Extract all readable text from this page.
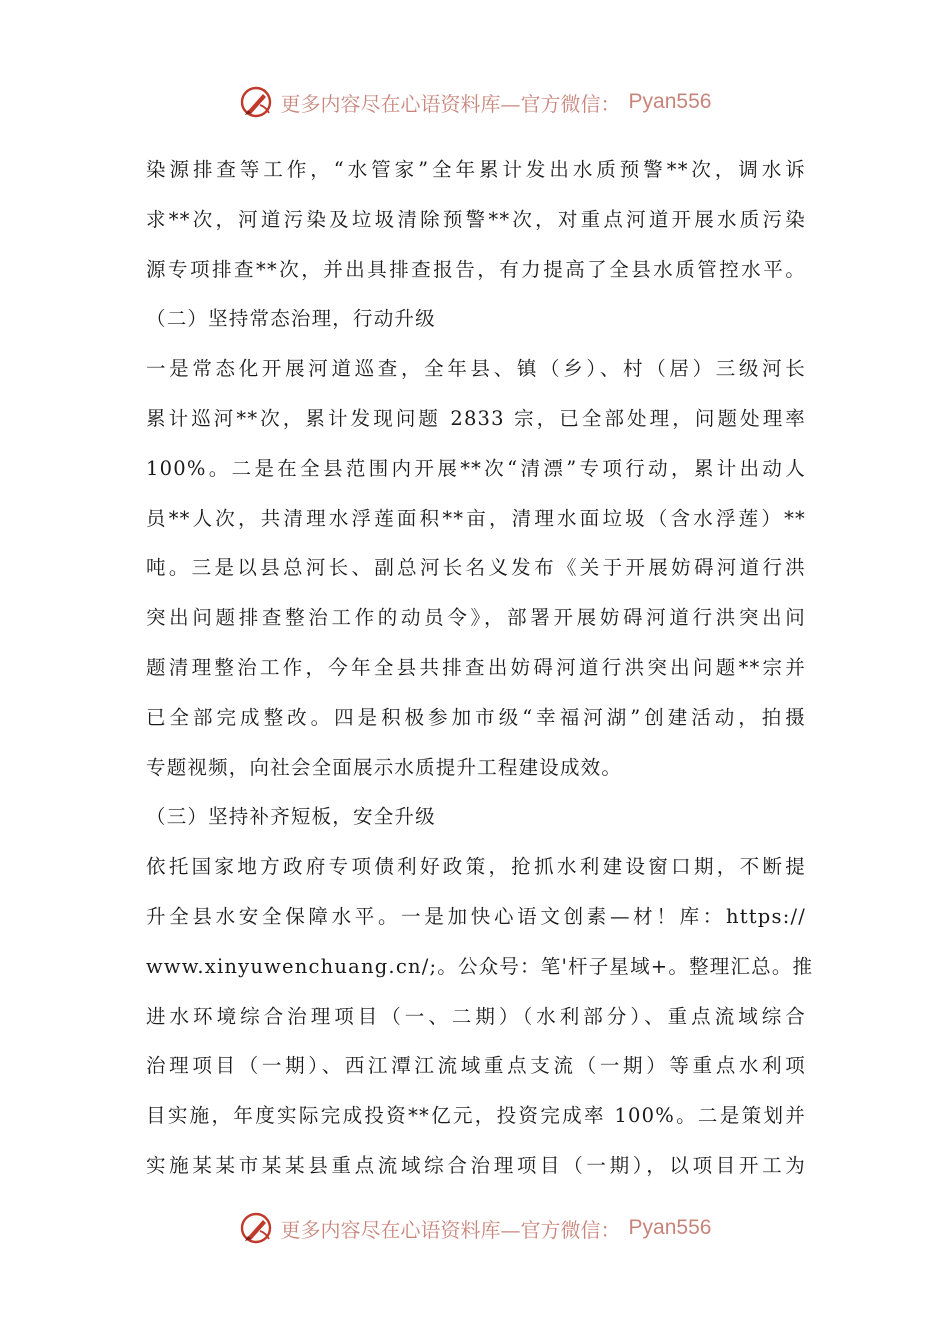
更多内容尽在心语资料库—官方微信： Pyan556
染源排查等工作，“水管家”全年累计发出水质预警**次，调水诉
求**次，河道污染及垃圾清除预警**次，对重点河道开展水质污染
源专项排查**次，并出具排查报告，有力提高了全县水质管控水平。
（二）坚持常态治理，行动升级
一是常态化开展河道巡查，全年县、镇（乡）、村（居）三级河长
累计巡河**次，累计发现问题 2833 宗，已全部处理，问题处理率
100%。二是在全县范围内开展**次“清漂”专项行动，累计出动人
员**人次，共清理水浮莲面积**亩，清理水面垃圾（含水浮莲）**
吨。三是以县总河长、副总河长名义发布《关于开展妨碍河道行洪
突出问题排查整治工作的动员令》，部署开展妨碍河道行洪突出问
题清理整治工作，今年全县共排查出妨碍河道行洪突出问题**宗并
已全部完成整改。四是积极参加市级“幸福河湖”创建活动，拍摄
专题视频，向社会全面展示水质提升工程建设成效。
（三）坚持补齐短板，安全升级
依托国家地方政府专项债利好政策，抢抓水利建设窗口期，不断提
升全县水安全保障水平。一是加快心语文创素—材！库：https://
www.xinyuwenchuang.cn/;。公众号：笔'杆子星域+。整理汇总。推
进水环境综合治理项目（一、二期）（水利部分）、重点流域综合
治理项目（一期）、西江潭江流域重点支流（一期）等重点水利项
目实施，年度实际完成投资**亿元，投资完成率 100%。二是策划并
实施某某市某某县重点流域综合治理项目（一期），以项目开工为
更多内容尽在心语资料库—官方微信： Pyan556
